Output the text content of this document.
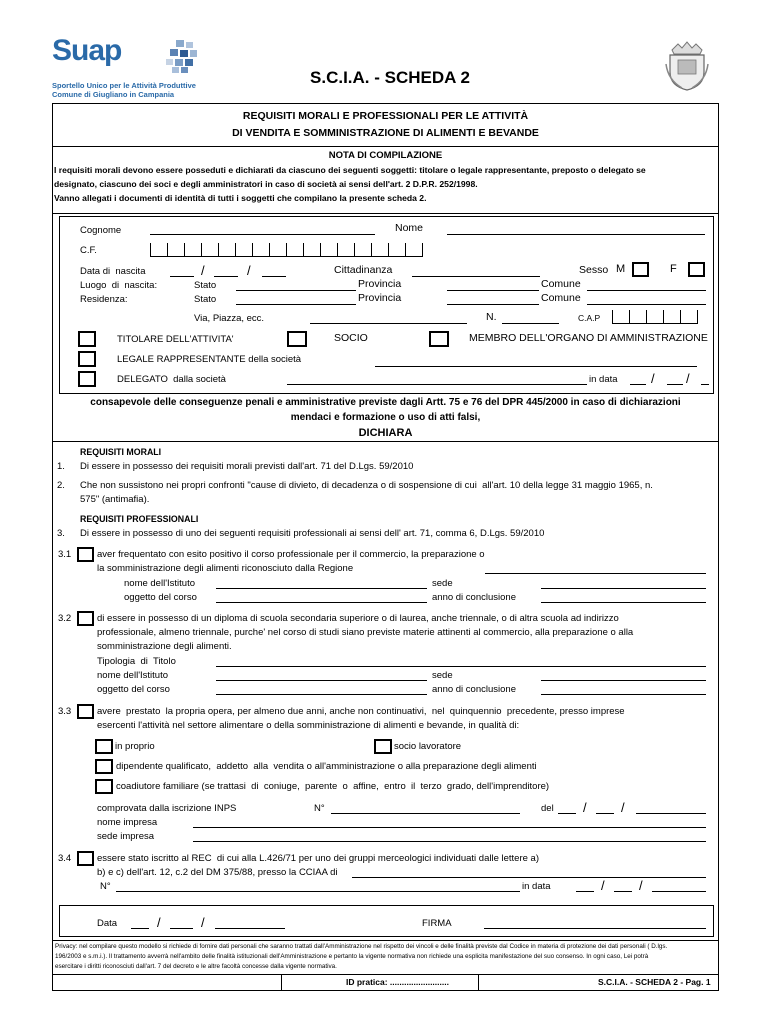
Suap
Sportello Unico per le Attività Produttive
Comune di Giugliano in Campania
S.C.I.A. - SCHEDA 2
REQUISITI MORALI E PROFESSIONALI PER LE ATTIVITÀ
DI VENDITA E SOMMINISTRAZIONE DI ALIMENTI E BEVANDE
NOTA DI COMPILAZIONE
I requisiti morali devono essere posseduti e dichiarati da ciascuno dei seguenti soggetti: titolare o legale rappresentante, preposto o delegato se
designato, ciascuno dei soci e degli amministratori in caso di società ai sensi dell'art. 2 D.P.R. 252/1998.
Vanno allegati i documenti di identità di tutti i soggetti che compilano la presente scheda 2.
Cognome	Nome
C.F.
Data di  nascita	/	/	Cittadinanza	Sesso M	F
Luogo  di  nascita:	Stato	Provincia	Comune
Residenza:	Stato	Provincia	Comune
Via, Piazza, ecc.	N.	C.A.P
TITOLARE DELL'ATTIVITA'	SOCIO	MEMBRO DELL'ORGANO DI AMMINISTRAZIONE
LEGALE RAPPRESENTANTE della società
DELEGATO  dalla società	in data	/ /
consapevole delle conseguenze penali e amministrative previste dagli Artt. 75 e 76 del DPR 445/2000 in caso di dichiarazioni
mendaci e formazione o uso di atti falsi,
DICHIARA
REQUISITI MORALI
1. Di essere in possesso dei requisiti morali previsti dall'art. 71 del D.Lgs. 59/2010
2. Che non sussistono nei propri confronti "cause di divieto, di decadenza o di sospensione di cui  all'art. 10 della legge 31 maggio 1965, n.
575" (antimafia).
REQUISITI PROFESSIONALI
3. Di essere in possesso di uno dei seguenti requisiti professionali ai sensi dell' art. 71, comma 6, D.Lgs. 59/2010
3.1	aver frequentato con esito positivo il corso professionale per il commercio, la preparazione o
la somministrazione degli alimenti riconosciuto dalla Regione
nome dell'Istituto	sede
oggetto del corso	anno di conclusione
3.2	di essere in possesso di un diploma di scuola secondaria superiore o di laurea, anche triennale, o di altra scuola ad indirizzo
professionale, almeno triennale, purche' nel corso di studi siano previste materie attinenti al commercio, alla preparazione o alla
somministrazione degli alimenti.
Tipologia  di  Titolo
nome dell'Istituto	sede
oggetto del corso	anno di conclusione
3.3	avere  prestato  la propria opera, per almeno due anni, anche non continuativi,  nel  quinquennio  precedente, presso imprese
esercenti l'attività nel settore alimentare o della somministrazione di alimenti e bevande, in qualità di:
in proprio	socio lavoratore
dipendente qualificato,  addetto  alla  vendita o all'amministrazione o alla preparazione degli alimenti
coadiutore familiare (se trattasi  di  coniuge,  parente  o  affine,  entro  il  terzo  grado, dell'imprenditore)
comprovata dalla iscrizione INPS	N°	del /	/
nome impresa
sede impresa
3.4	essere stato iscritto al REC  di cui alla L.426/71 per uno dei gruppi merceologici individuati dalle lettere a)
b) e c) dell'art. 12, c.2 del DM 375/88, presso la CCIAA di
N°	in data	/	/
Data	/	/	FIRMA
Privacy: nel compilare questo modello si richiede di fornire dati personali che saranno trattati dall'Amministrazione nel rispetto dei vincoli e delle finalità previste dal Codice in materia di protezione dei dati personali ( D.lgs.
196/2003 e s.m.i.). Il trattamento avverrà nell'ambito delle finalità istituzionali dell'Amministrazione e pertanto la vigente normativa non richiede una esplicita manifestazione del suo consenso. In ogni caso, Lei potrà
esercitare i diritti riconosciuti dall'art. 7 del decreto e le altre facoltà concesse dalla vigente normativa.
ID pratica: .........................	S.C.I.A. - SCHEDA 2 - Pag. 1
